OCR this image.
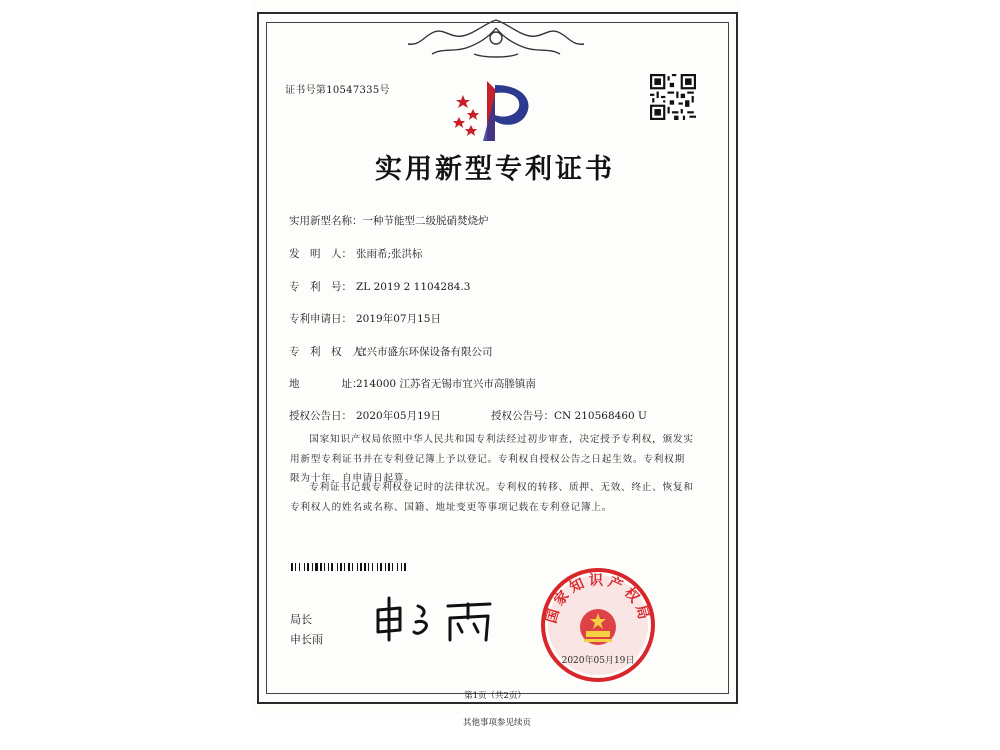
证书号第10547335号
实用新型专利证书
实用新型名称：一种节能型二级脱硝焚烧炉
发　明　人： 张雨希;张洪标
专　利　号： ZL 2019 2 1104284.3
专利申请日： 2019年07月15日
专　利　权　人：宜兴市盛东环保设备有限公司
地　　　　址：214000 江苏省无锡市宜兴市高塍镇南
授权公告日： 2020年05月19日	授权公告号：CN 210568460 U
国家知识产权局依照中华人民共和国专利法经过初步审查，决定授予专利权，颁发实用新型专利证书并在专利登记簿上予以登记。专利权自授权公告之日起生效。专利权期限为十年，自申请日起算。
专利证书记载专利权登记时的法律状况。专利权的转移、质押、无效、终止、恢复和专利权人的姓名或名称、国籍、地址变更等事项记载在专利登记簿上。
局长
申长雨
国家知识产权局
2020年05月19日
第1页（共2页）
其他事项参见续页
